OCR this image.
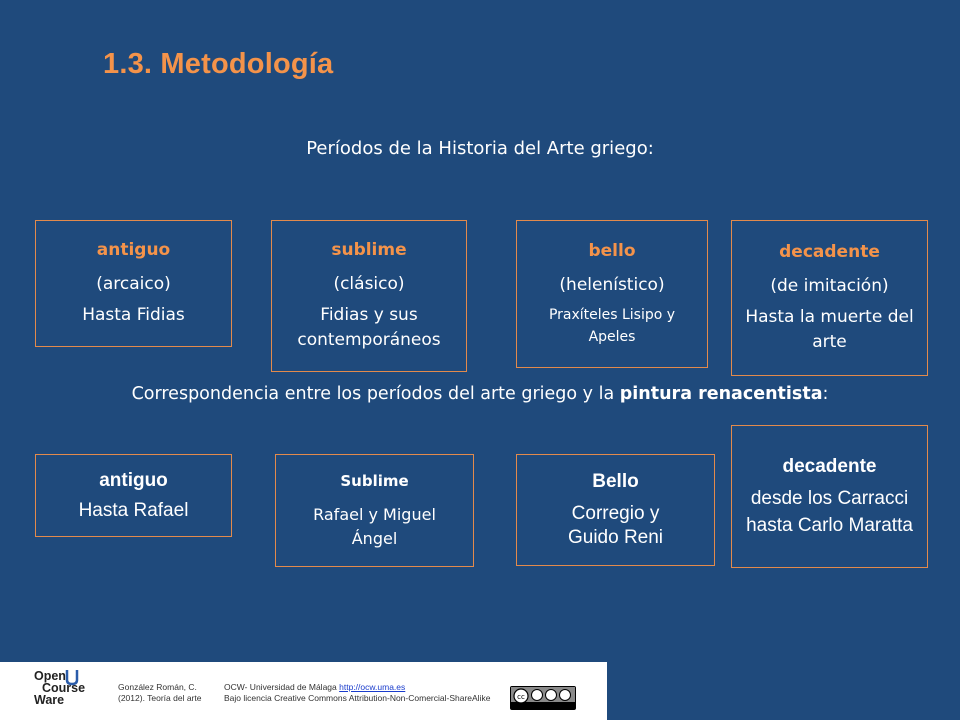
1.3. Metodología
Períodos de la Historia del Arte griego:
antiguo
(arcaico)
Hasta Fidias
sublime
(clásico)
Fidias y sus contemporáneos
bello
(helenístico)
Praxíteles Lisipo y Apeles
decadente
(de imitación)
Hasta la muerte del arte
Correspondencia entre los períodos del arte griego y la pintura renacentista:
antiguo
Hasta Rafael
Sublime
Rafael y Miguel Ángel
Bello
Corregio y Guido Reni
decadente
desde los Carracci hasta Carlo Maratta
Open
Course
Ware
González Román, C.
(2012). Teoría del arte
OCW- Universidad de Málaga http://ocw.uma.es
Bajo licencia Creative Commons Attribution-Non-Comercial-ShareAlike	cc
